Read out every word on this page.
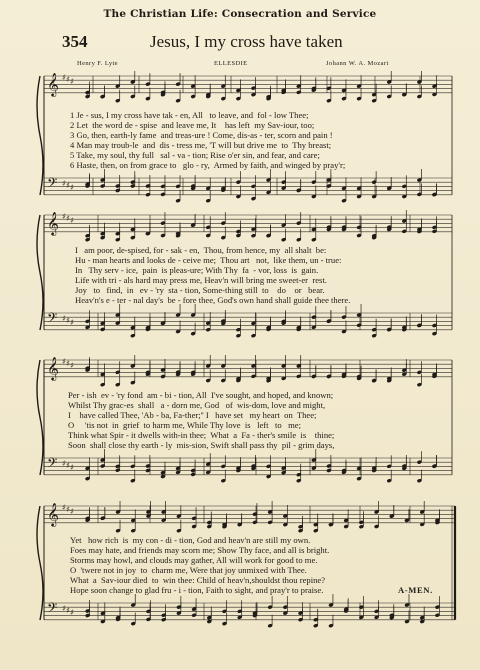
The Christian Life: Consecration and Service
354	Jesus, I my cross have taken
Henry F. Lyte	ELLESDIE	Johann W. A. Mozart
𝄞
𝄢
♯
♯
♯
♯
♯
♯
𝄞
𝄢
♯
♯
♯
♯
♯
♯
𝄞
𝄢
♯
♯
♯
♯
♯
♯
𝄞
𝄢
♯
♯
♯
♯
♯
♯
1 Je - sus, I my cross have tak - en, All   to leave, and  fol - low Thee;
2 Let  the word de - spise  and leave me, It    has left  my Sav-iour, too;
3 Go, then, earth-ly fame  and treas-ure ! Come, dis-as - ter, scorn and pain !
4 Man may troub-le  and  dis - tress me, 'T will but drive me  to  Thy breast;
5 Take, my soul, thy full   sal - va - tion; Rise o'er sin, and fear, and care;
6 Haste, then, on from grace to   glo - ry,  Armed by faith, and winged by pray'r;
I   am poor, de-spised, for - sak - en,  Thou, from hence, my  all shalt  be:
Hu - man hearts and looks de - ceive me;  Thou art   not,  like them, un - true:
In   Thy serv - ice,  pain  is pleas-ure; With Thy  fa  - vor, loss  is  gain.
Life with tri - als hard may press me, Heav'n will bring me sweet-er  rest.
Joy   to   find,  in   ev - 'ry  sta - tion, Some-thing still  to    do    or   bear.
Heav'n's e - ter - nal day's  be - fore thee, God's own hand shall guide thee there.
Per - ish  ev - 'ry fond  am - bi - tion, All  I've sought, and hoped, and known;
Whilst Thy grac-es  shall   a - dorn me, God   of  wis-dom, love and might,
I    have called Thee, 'Ab - ba, Fa-ther;'' I   have set   my heart  on  Thee;
O     'tis not  in  grief  to harm me, While Thy love  is   left   to   me;
Think what Spir - it dwells with-in thee;  What  a  Fa - ther's smile  is    thine;
Soon  shall close thy earth - ly  mis-sion, Swift shall pass thy  pil - grim days,
Yet   how rich  is  my con - di - tion, God and heav'n are still my own.
Foes may hate, and friends may scorn me; Show Thy face, and all is bright.
Storms may howl, and clouds may gather, All will work for good to me.
O  'twere not in joy  to  charm me, Were that joy unmixed with Thee.
What  a  Sav-iour died  to  win thee: Child of heav'n,shouldst thou repine?
Hope soon change to glad fru - i - tion, Faith to sight, and pray'r to praise.	A-MEN.
